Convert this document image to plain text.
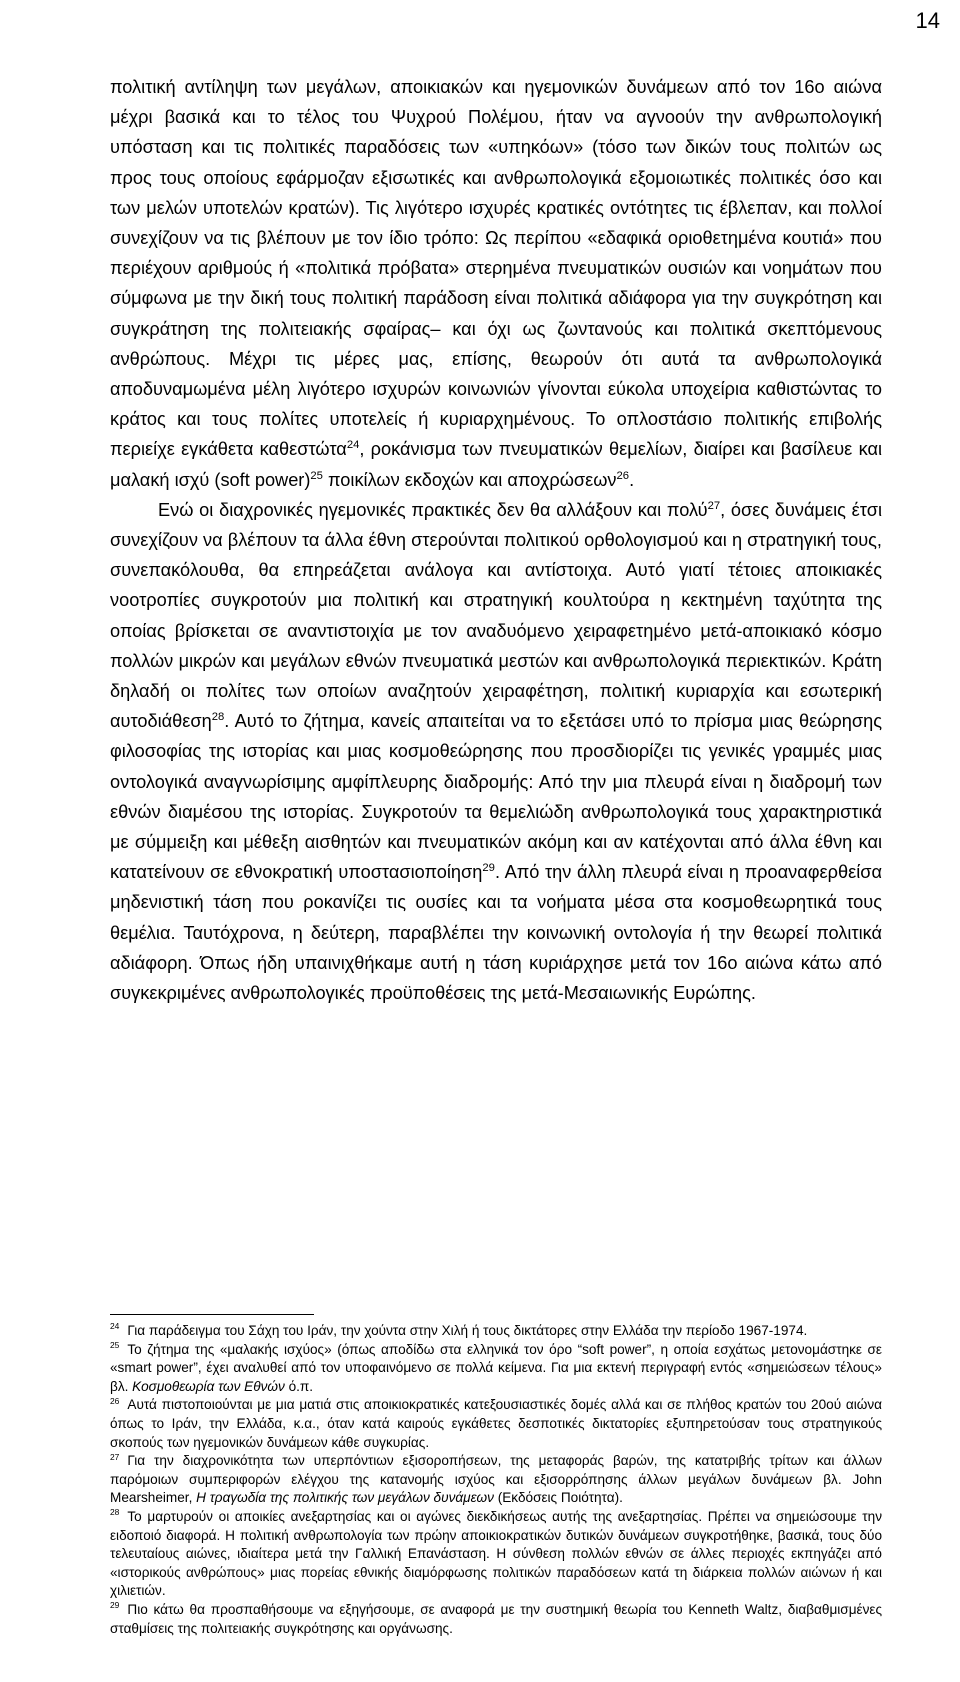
14

πολιτική αντίληψη των μεγάλων, αποικιακών και ηγεμονικών δυνάμεων από τον 16ο αιώνα μέχρι βασικά και το τέλος του Ψυχρού Πολέμου, ήταν να αγνοούν την ανθρωπολογική υπόσταση και τις πολιτικές παραδόσεις των «υπηκόων» (τόσο των δικών τους πολιτών ως προς τους οποίους εφάρμοζαν εξισωτικές και ανθρωπολογικά εξομοιωτικές πολιτικές όσο και των μελών υποτελών κρατών). Τις λιγότερο ισχυρές κρατικές οντότητες τις έβλεπαν, και πολλοί συνεχίζουν να τις βλέπουν με τον ίδιο τρόπο: Ως περίπου «εδαφικά οριοθετημένα κουτιά» που περιέχουν αριθμούς ή «πολιτικά πρόβατα» στερημένα πνευματικών ουσιών και νοημάτων που σύμφωνα με την δική τους πολιτική παράδοση είναι πολιτικά αδιάφορα για την συγκρότηση και συγκράτηση της πολιτειακής σφαίρας– και όχι ως ζωντανούς και πολιτικά σκεπτόμενους ανθρώπους. Μέχρι τις μέρες μας, επίσης, θεωρούν ότι αυτά τα ανθρωπολογικά αποδυναμωμένα μέλη λιγότερο ισχυρών κοινωνιών γίνονται εύκολα υποχείρια καθιστώντας το κράτος και τους πολίτες υποτελείς ή κυριαρχημένους. Το οπλοστάσιο πολιτικής επιβολής περιείχε εγκάθετα καθεστώτα$^{24}$, ροκάνισμα των πνευματικών θεμελίων, διαίρει και βασίλευε και μαλακή ισχύ (soft power)$^{25}$ ποικίλων εκδοχών και αποχρώσεων$^{26}$.

Ενώ οι διαχρονικές ηγεμονικές πρακτικές δεν θα αλλάξουν και πολύ$^{27}$, όσες δυνάμεις έτσι συνεχίζουν να βλέπουν τα άλλα έθνη στερούνται πολιτικού ορθολογισμού και η στρατηγική τους, συνεπακόλουθα, θα επηρεάζεται ανάλογα και αντίστοιχα. Αυτό γιατί τέτοιες αποικιακές νοοτροπίες συγκροτούν μια πολιτική και στρατηγική κουλτούρα η κεκτημένη ταχύτητα της οποίας βρίσκεται σε αναντιστοιχία με τον αναδυόμενο χειραφετημένο μετά-αποικιακό κόσμο πολλών μικρών και μεγάλων εθνών πνευματικά μεστών και ανθρωπολογικά περιεκτικών. Κράτη δηλαδή οι πολίτες των οποίων αναζητούν χειραφέτηση, πολιτική κυριαρχία και εσωτερική αυτοδιάθεση$^{28}$. Αυτό το ζήτημα, κανείς απαιτείται να το εξετάσει υπό το πρίσμα μιας θεώρησης φιλοσοφίας της ιστορίας και μιας κοσμοθεώρησης που προσδιορίζει τις γενικές γραμμές μιας οντολογικά αναγνωρίσιμης αμφίπλευρης διαδρομής: Από την μια πλευρά είναι η διαδρομή των εθνών διαμέσου της ιστορίας. Συγκροτούν τα θεμελιώδη ανθρωπολογικά τους χαρακτηριστικά με σύμμειξη και μέθεξη αισθητών και πνευματικών ακόμη και αν κατέχονται από άλλα έθνη και κατατείνουν σε εθνοκρατική υποστασιοποίηση$^{29}$. Από την άλλη πλευρά είναι η προαναφερθείσα μηδενιστική τάση που ροκανίζει τις ουσίες και τα νοήματα μέσα στα κοσμοθεωρητικά τους θεμέλια. Ταυτόχρονα, η δεύτερη, παραβλέπει την κοινωνική οντολογία ή την θεωρεί πολιτικά αδιάφορη. Όπως ήδη υπαινιχθήκαμε αυτή η τάση κυριάρχησε μετά τον 16ο αιώνα κάτω από συγκεκριμένες ανθρωπολογικές προϋποθέσεις της μετά-Μεσαιωνικής Ευρώπης.

$^{24}$ Για παράδειγμα του Σάχη του Ιράν, την χούντα στην Χιλή ή τους δικτάτορες στην Ελλάδα την περίοδο 1967-1974.

$^{25}$ Το ζήτημα της «μαλακής ισχύος» (όπως αποδίδω στα ελληνικά τον όρο “soft power”, η οποία εσχάτως μετονομάστηκε σε «smart power”, έχει αναλυθεί από τον υποφαινόμενο σε πολλά κείμενα. Για μια εκτενή περιγραφή εντός «σημειώσεων τέλους» βλ. Κοσμοθεωρία των Εθνών ό.π.

$^{26}$ Αυτά πιστοποιούνται με μια ματιά στις αποικιοκρατικές κατεξουσιαστικές δομές αλλά και σε πλήθος κρατών του 20ού αιώνα όπως το Ιράν, την Ελλάδα, κ.α., όταν κατά καιρούς εγκάθετες δεσποτικές δικτατορίες εξυπηρετούσαν τους στρατηγικούς σκοπούς των ηγεμονικών δυνάμεων κάθε συγκυρίας.

$^{27}$ Για την διαχρονικότητα των υπερπόντιων εξισοροπήσεων, της μεταφοράς βαρών, της κατατριβής τρίτων και άλλων παρόμοιων συμπεριφορών ελέγχου της κατανομής ισχύος και εξισορρόπησης άλλων μεγάλων δυνάμεων βλ. John Mearsheimer, Η τραγωδία της πολιτικής των μεγάλων δυνάμεων (Εκδόσεις Ποιότητα).

$^{28}$ Το μαρτυρούν οι αποικίες ανεξαρτησίας και οι αγώνες διεκδικήσεως αυτής της ανεξαρτησίας. Πρέπει να σημειώσουμε την ειδοποιό διαφορά. Η πολιτική ανθρωπολογία των πρώην αποικιοκρατικών δυτικών δυνάμεων συγκροτήθηκε, βασικά, τους δύο τελευταίους αιώνες, ιδιαίτερα μετά την Γαλλική Επανάσταση. Η σύνθεση πολλών εθνών σε άλλες περιοχές εκπηγάζει από «ιστορικούς ανθρώπους» μιας πορείας εθνικής διαμόρφωσης πολιτικών παραδόσεων κατά τη διάρκεια πολλών αιώνων ή και χιλιετιών.

$^{29}$ Πιο κάτω θα προσπαθήσουμε να εξηγήσουμε, σε αναφορά με την συστημική θεωρία του Kenneth Waltz, διαβαθμισμένες σταθμίσεις της πολιτειακής συγκρότησης και οργάνωσης.
